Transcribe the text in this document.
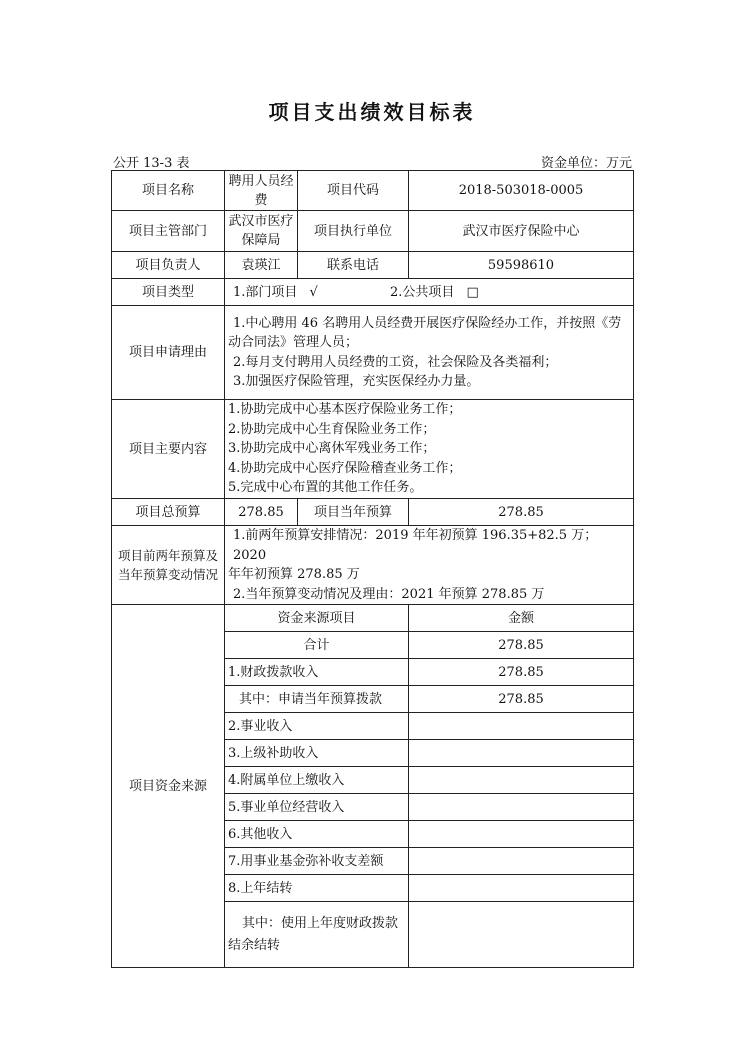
项目支出绩效目标表
公开 13-3 表	资金单位：万元
项目名称	聘用人员经费	项目代码	2018-503018-0005
项目主管部门	武汉市医疗保障局	项目执行单位	武汉市医疗保险中心
项目负责人	袁瑛江	联系电话	59598610
项目类型	1.部门项目 √ 2.公共项目 □		
项目申请理由	1.中心聘用 46 名聘用人员经费开展医疗保险经办工作，并按照《劳
动合同法》管理人员；
2.每月支付聘用人员经费的工资，社会保险及各类福利；
3.加强医疗保险管理，充实医保经办力量。		

项目主要内容	1.协助完成中心基本医疗保险业务工作；
2.协助完成中心生育保险业务工作；
3.协助完成中心离休军残业务工作；
4.协助完成中心医疗保险稽查业务工作；
5.完成中心布置的其他工作任务。		

项目总预算	278.85	项目当年预算	278.85
项目前两年预算及当年预算变动情况	1.前两年预算安排情况：2019 年年初预算 196.35+82.5 万；2020
年年初预算 278.85 万
2.当年预算变动情况及理由：2021 年预算 278.85 万		

项目资金来源	资金来源项目		金额
	合计		278.85
	1.财政拨款收入		278.85
	其中：申请当年预算拨款		278.85
	2.事业收入		
	3.上级补助收入		
	4.附属单位上缴收入		
	5.事业单位经营收入		
	6.其他收入		
	7.用事业基金弥补收支差额		
	8.上年结转		
	其中：使用上年度财政拨款结余结转		
